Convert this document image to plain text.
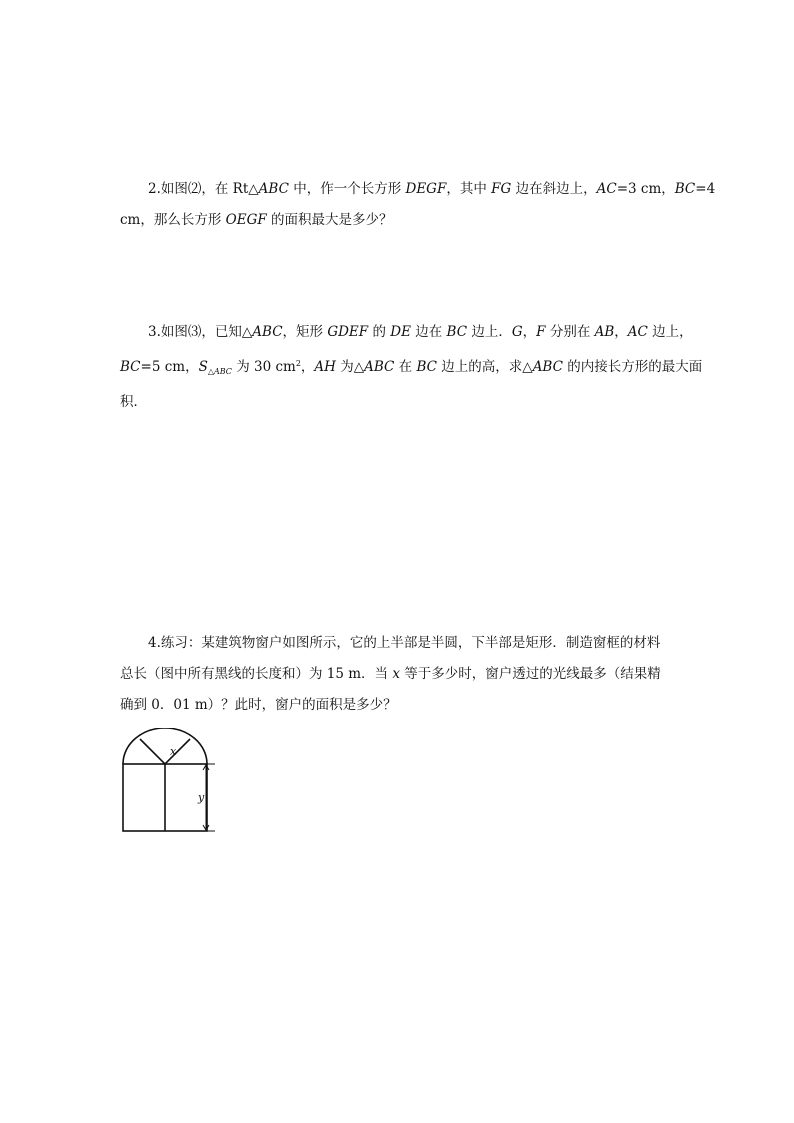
2.如图⑵，在 Rt△ABC 中，作一个长方形 DEGF，其中 FG 边在斜边上，AC=3 cm，BC=4
cm，那么长方形 OEGF 的面积最大是多少？
3.如图⑶，已知△ABC，矩形 GDEF 的 DE 边在 BC 边上．G，F 分别在 AB，AC 边上，
BC=5 cm，$S_{\triangle ABC}$ 为 30 $cm^2$，AH 为△ABC 在 BC 边上的高，求△ABC 的内接长方形的最大面
积．
4.练习：某建筑物窗户如图所示，它的上半部是半圆，下半部是矩形．制造窗框的材料
总长（图中所有黑线的长度和）为 15 m．当 x 等于多少时，窗户透过的光线最多（结果精
确到 0．01 m）？此时，窗户的面积是多少？
x
y
